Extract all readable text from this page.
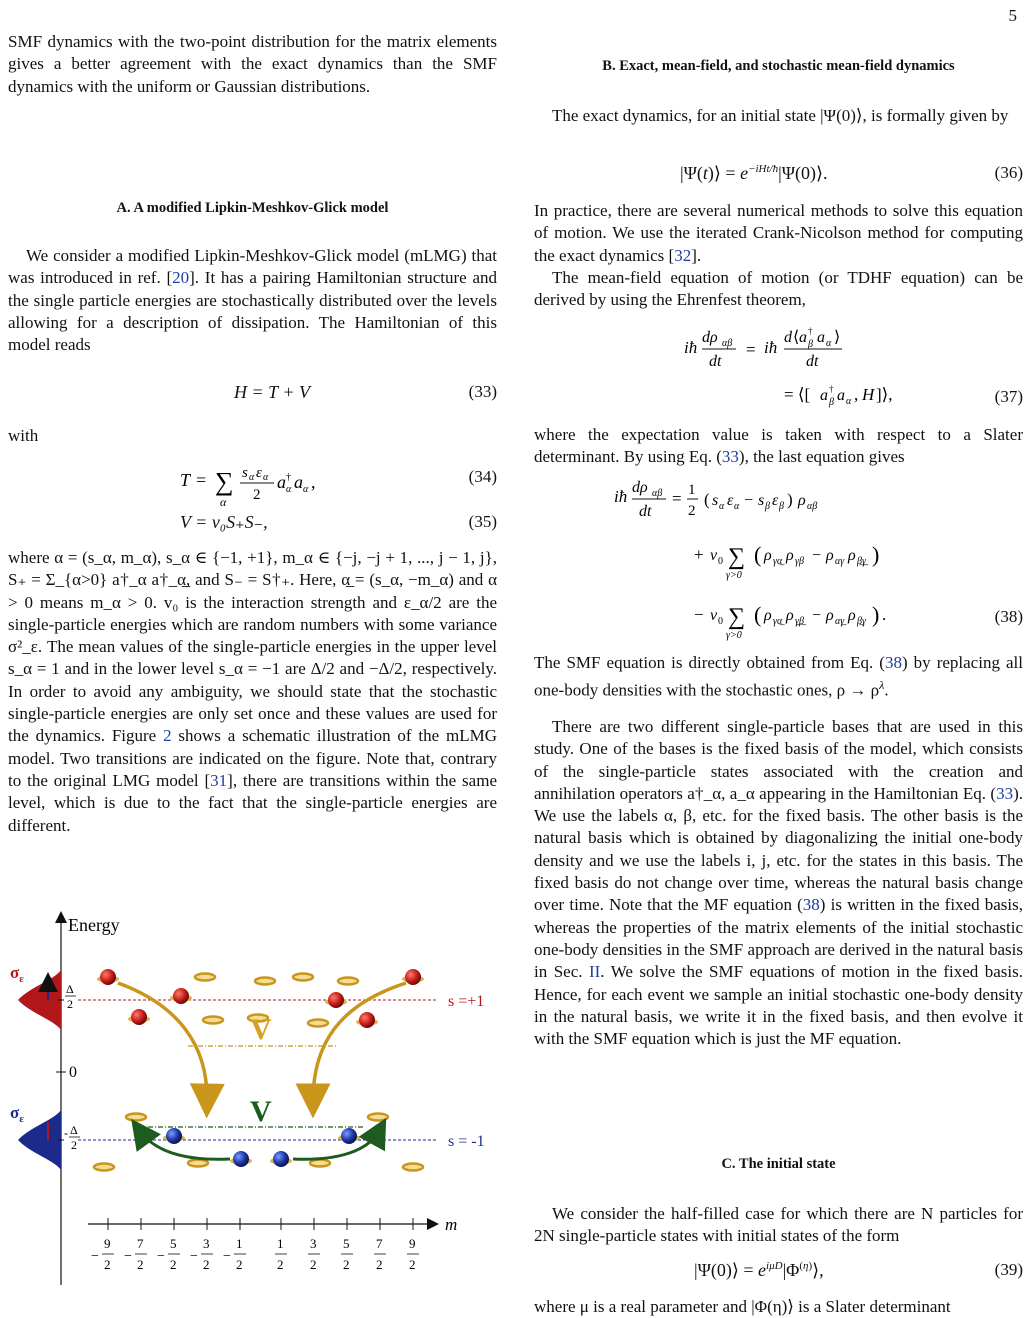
5

SMF dynamics with the two-point distribution for the matrix elements gives a better agreement with the exact dynamics than the SMF dynamics with the uniform or Gaussian distributions.

A. A modified Lipkin-Meshkov-Glick model

We consider a modified Lipkin-Meshkov-Glick model (mLMG) that was introduced in ref. [20]. It has a pairing Hamiltonian structure and the single particle energies are stochastically distributed over the levels allowing for a description of dissipation. The Hamiltonian of this model reads

H = T + V	(33)

with

T = ∑
α
s α ε α
2
a †
α a α ,	(34)
V = v₀S₊S₋,	(35)

where α = (s_α, m_α), s_α ∈ {−1, +1}, m_α ∈ {−j, −j + 1, ..., j − 1, j}, S₊ = Σ_{α>0} a†_α a†_α̲, and S₋ = S†₊. Here, α̲ = (s_α, −m_α) and α > 0 means m_α > 0. v₀ is the interaction strength and ε_α/2 are the single-particle energies which are random numbers with some variance σ²_ε. The mean values of the single-particle energies in the upper level s_α = 1 and in the lower level s_α = −1 are Δ/2 and −Δ/2, respectively. In order to avoid any ambiguity, we should state that the stochastic single-particle energies are only set once and these values are used for the dynamics. Figure 2 shows a schematic illustration of the mLMG model. Two transitions are indicated on the figure. Note that, contrary to the original LMG model [31], there are transitions within the same level, which is due to the fact that the single-particle energies are different.

Energy
$\sigma_\varepsilon$
$\sigma_\varepsilon$
Δ
2
- Δ
2
0
s =+1
s = -1
V
V
m
−
9
2
−
7
2
−
5
2
−
3
2
−
1
2
1
2
3
2
5
2
7
2
9
2
B. Exact, mean-field, and stochastic mean-field dynamics

The exact dynamics, for an initial state |Ψ(0)⟩, is formally given by

|Ψ(t)⟩ = $e^{-iHt/ħ}|\Psi(0)⟩$.	(36)

In practice, there are several numerical methods to solve this equation of motion. We use the iterated Crank-Nicolson method for computing the exact dynamics [32].

The mean-field equation of motion (or TDHF equation) can be derived by using the Ehrenfest theorem,

iħ
dρ αβ
dt
= iħ
d ⟨ a †
β a α ⟩
dt
= ⟨[ a †
β a α , H ]⟩,	(37)

where the expectation value is taken with respect to a Slater determinant. By using Eq. (33), the last equation gives

iħ dρ αβ
dt
= 1
2
( s α ε α − s β ε β ) ρ αβ
+ v 0 ∑
γ>0
( ρ γα̲ ρ γβ − ρ αγ ρ β̲γ̲ )
− v 0 ∑
γ>0
( ρ γα̲ ρ γ̲β̲ − ρ αγ̲ ρ β̲γ ) .	(38)

The SMF equation is directly obtained from Eq. (38) by replacing all one-body densities with the stochastic ones, $\rho \to \rho^\lambda$.

There are two different single-particle bases that are used in this study. One of the bases is the fixed basis of the model, which consists of the single-particle states associated with the creation and annihilation operators a†_α, a_α appearing in the Hamiltonian Eq. (33). We use the labels α, β, etc. for the fixed basis. The other basis is the natural basis which is obtained by diagonalizing the initial one-body density and we use the labels i, j, etc. for the states in this basis. The fixed basis do not change over time, whereas the natural basis change over time. Note that the MF equation (38) is written in the fixed basis, whereas the properties of the matrix elements of the initial stochastic one-body densities in the SMF approach are derived in the natural basis in Sec. II. We solve the SMF equations of motion in the fixed basis. Hence, for each event we sample an initial stochastic one-body density in the natural basis, we write it in the fixed basis, and then evolve it with the SMF equation which is just the MF equation.

C. The initial state

We consider the half-filled case for which there are N particles for 2N single-particle states with initial states of the form

|Ψ(0)⟩ = $e^{i\mu D}|\Phi^{(\eta)}⟩$,	(39)

where μ is a real parameter and |Φ(η)⟩ is a Slater determinant
